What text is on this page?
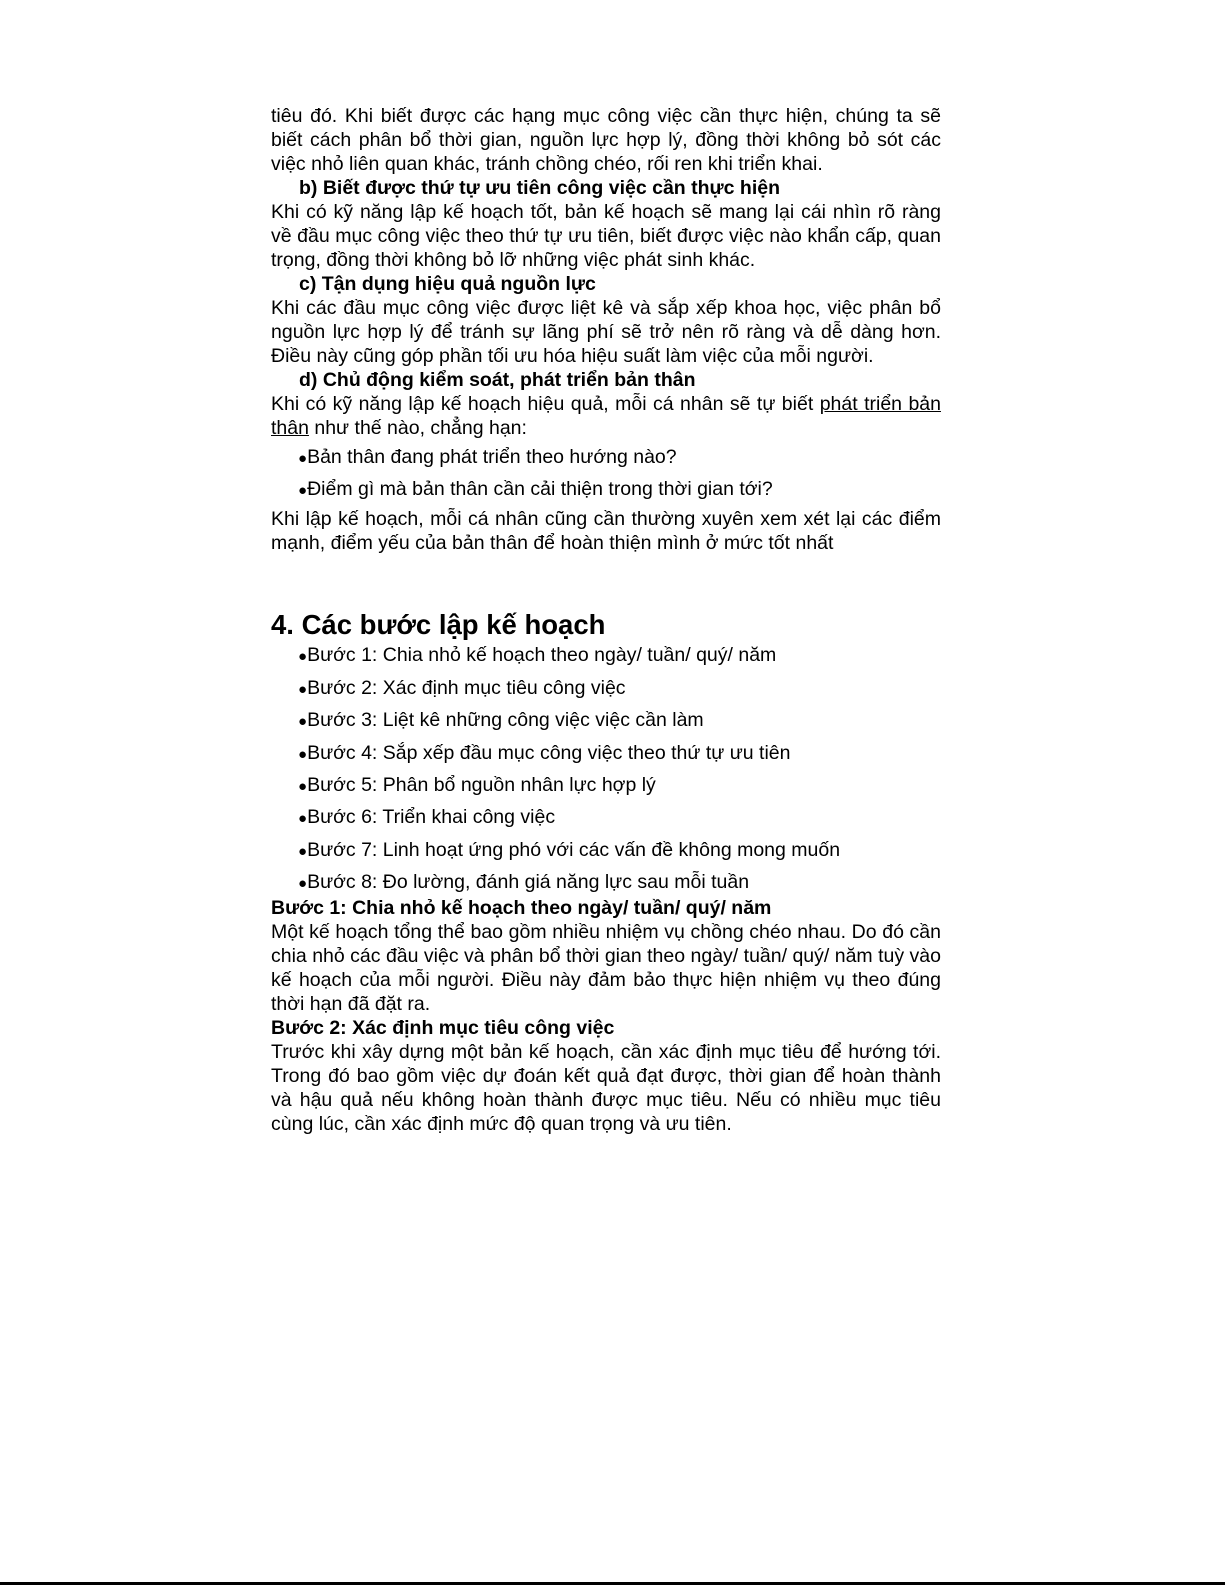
tiêu đó. Khi biết được các hạng mục công việc cần thực hiện, chúng ta sẽ biết cách phân bổ thời gian, nguồn lực hợp lý, đồng thời không bỏ sót các việc nhỏ liên quan khác, tránh chồng chéo, rối ren khi triển khai.

b) Biết được thứ tự ưu tiên công việc cần thực hiện

Khi có kỹ năng lập kế hoạch tốt, bản kế hoạch sẽ mang lại cái nhìn rõ ràng về đầu mục công việc theo thứ tự ưu tiên, biết được việc nào khẩn cấp, quan trọng, đồng thời không bỏ lỡ những việc phát sinh khác.

c) Tận dụng hiệu quả nguồn lực

Khi các đầu mục công việc được liệt kê và sắp xếp khoa học, việc phân bổ nguồn lực hợp lý để tránh sự lãng phí sẽ trở nên rõ ràng và dễ dàng hơn. Điều này cũng góp phần tối ưu hóa hiệu suất làm việc của mỗi người.

d) Chủ động kiểm soát, phát triển bản thân

Khi có kỹ năng lập kế hoạch hiệu quả, mỗi cá nhân sẽ tự biết phát triển bản thân như thế nào, chẳng hạn:

●Bản thân đang phát triển theo hướng nào?
●Điểm gì mà bản thân cần cải thiện trong thời gian tới?

Khi lập kế hoạch, mỗi cá nhân cũng cần thường xuyên xem xét lại các điểm mạnh, điểm yếu của bản thân để hoàn thiện mình ở mức tốt nhất

4. Các bước lập kế hoạch
●Bước 1: Chia nhỏ kế hoạch theo ngày/ tuần/ quý/ năm
●Bước 2: Xác định mục tiêu công việc
●Bước 3: Liệt kê những công việc việc cần làm
●Bước 4: Sắp xếp đầu mục công việc theo thứ tự ưu tiên
●Bước 5: Phân bổ nguồn nhân lực hợp lý
●Bước 6: Triển khai công việc
●Bước 7: Linh hoạt ứng phó với các vấn đề không mong muốn
●Bước 8: Đo lường, đánh giá năng lực sau mỗi tuần
Bước 1: Chia nhỏ kế hoạch theo ngày/ tuần/ quý/ năm

Một kế hoạch tổng thể bao gồm nhiều nhiệm vụ chồng chéo nhau. Do đó cần chia nhỏ các đầu việc và phân bổ thời gian theo ngày/ tuần/ quý/ năm tuỳ vào kế hoạch của mỗi người. Điều này đảm bảo thực hiện nhiệm vụ theo đúng thời hạn đã đặt ra.

Bước 2: Xác định mục tiêu công việc

Trước khi xây dựng một bản kế hoạch, cần xác định mục tiêu để hướng tới. Trong đó bao gồm việc dự đoán kết quả đạt được, thời gian để hoàn thành và hậu quả nếu không hoàn thành được mục tiêu. Nếu có nhiều mục tiêu cùng lúc, cần xác định mức độ quan trọng và ưu tiên.
